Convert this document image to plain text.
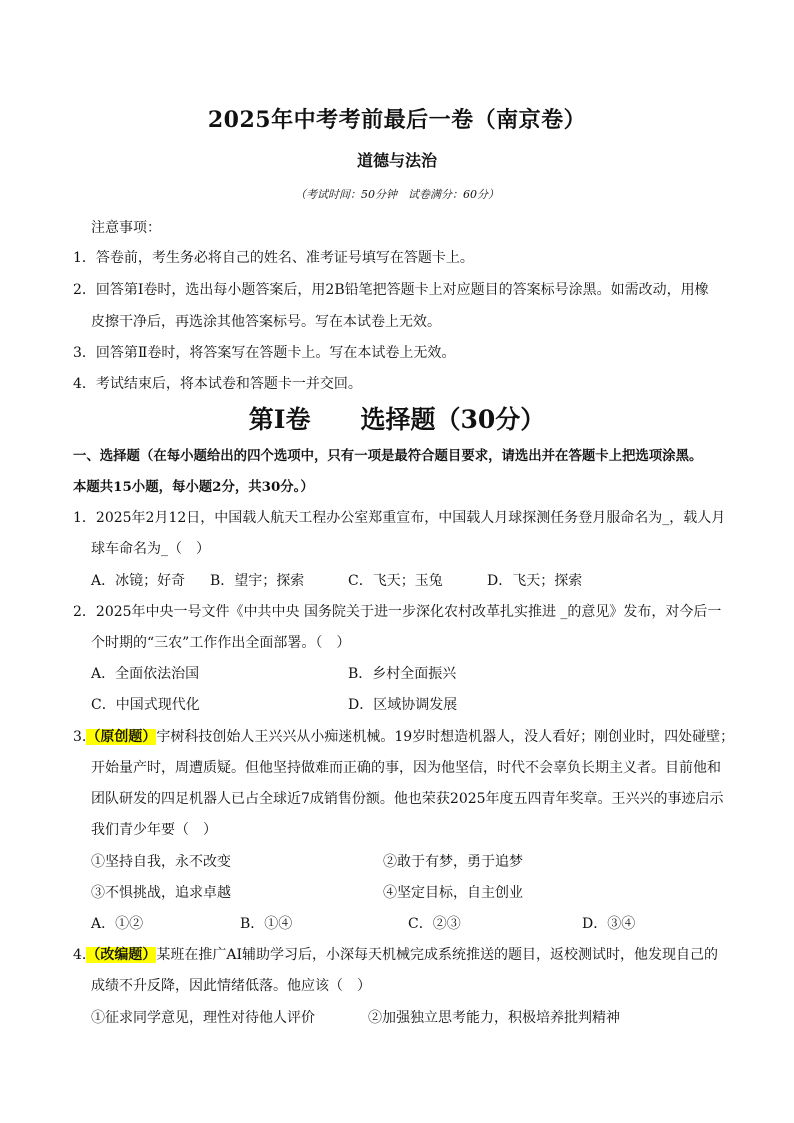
2025年中考考前最后一卷（南京卷）
道德与法治
（考试时间：50分钟　试卷满分：60分）
注意事项：
1．答卷前，考生务必将自己的姓名、准考证号填写在答题卡上。
2．回答第Ⅰ卷时，选出每小题答案后，用2B铅笔把答题卡上对应题目的答案标号涂黑。如需改动，用橡
皮擦干净后，再选涂其他答案标号。写在本试卷上无效。
3．回答第Ⅱ卷时，将答案写在答题卡上。写在本试卷上无效。
4．考试结束后，将本试卷和答题卡一并交回。
第Ⅰ卷　　选择题（30分）
一、选择题（在每小题给出的四个选项中，只有一项是最符合题目要求，请选出并在答题卡上把选项涂黑。
本题共15小题，每小题2分，共30分。）
1．2025年2月12日，中国载人航天工程办公室郑重宣布，中国载人月球探测任务登月服命名为_，载人月
球车命名为_（　）
A．冰镜；好奇 B．望宇；探索	C．飞天；玉兔	D．飞天；探索
2．2025年中央一号文件《中共中央 国务院关于进一步深化农村改革扎实推进 _的意见》发布，对今后一
个时期的“三农”工作作出全面部署。（　）
A．全面依法治国	B．乡村全面振兴
C．中国式现代化	D．区域协调发展
3.（原创题）宇树科技创始人王兴兴从小痴迷机械。19岁时想造机器人，没人看好；刚创业时，四处碰壁；
开始量产时，周遭质疑。但他坚持做难而正确的事，因为他坚信，时代不会辜负长期主义者。目前他和
团队研发的四足机器人已占全球近7成销售份额。他也荣获2025年度五四青年奖章。王兴兴的事迹启示
我们青少年要（　）
①坚持自我，永不改变	②敢于有梦，勇于追梦
③不惧挑战，追求卓越	④坚定目标，自主创业
A．①②	B．①④	C．②③	D．③④
4.（改编题）某班在推广AI辅助学习后，小深每天机械完成系统推送的题目，返校测试时，他发现自己的
成绩不升反降，因此情绪低落。他应该（　）
①征求同学意见，理性对待他人评价	②加强独立思考能力，积极培养批判精神
